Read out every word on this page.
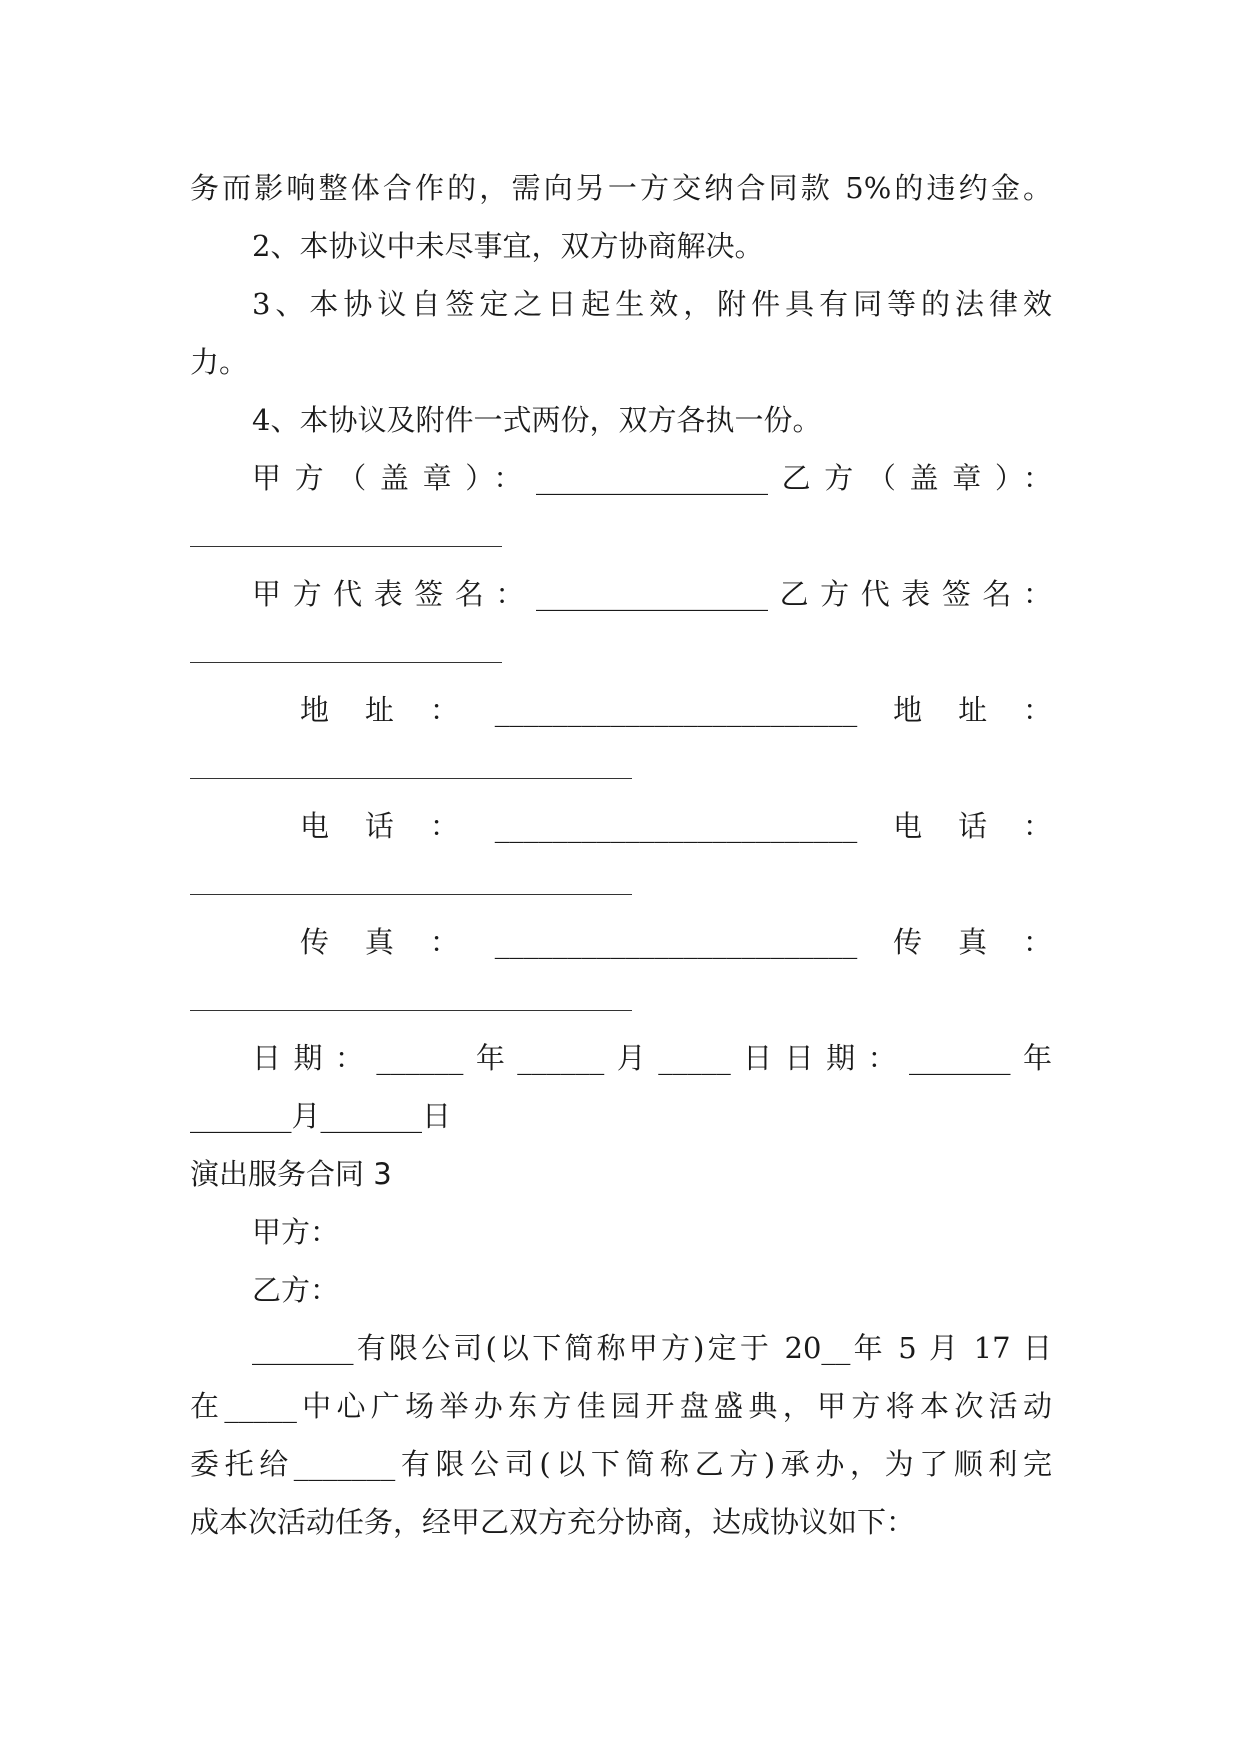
务而影响整体合作的，需向另一方交纳合同款 5%的违约金。
2、本协议中未尽事宜，双方协商解决。
3、本协议自签定之日起生效，附件具有同等的法律效
力。
4、本协议及附件一式两份，双方各执一份。
甲方（盖章）：________________乙方（盖章）：
甲方代表签名：________________乙方代表签名：
地址：_________________________地址：
电话：_________________________电话：
传真：_________________________传真：
日期：______年______月_____日日期：_______年
_______月_______日
演出服务合同 3
甲方：
乙方：
_______有限公司(以下简称甲方)定于 20__年 5 月 17 日
在_____中心广场举办东方佳园开盘盛典，甲方将本次活动
委托给_______有限公司(以下简称乙方)承办，为了顺利完
成本次活动任务，经甲乙双方充分协商，达成协议如下：
